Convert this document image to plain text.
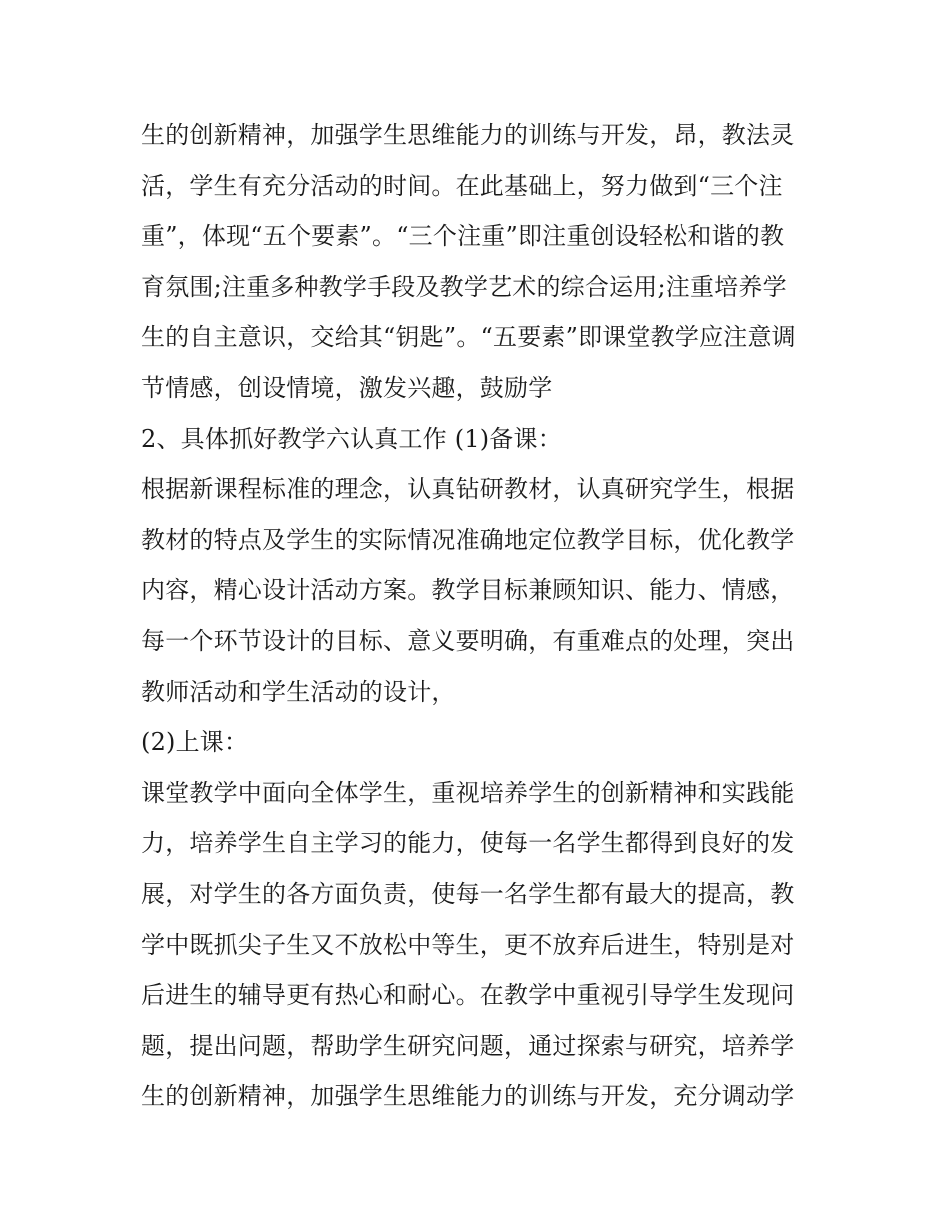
生的创新精神，加强学生思维能力的训练与开发，昂，教法灵
活，学生有充分活动的时间。在此基础上，努力做到“三个注
重”，体现“五个要素”。“三个注重”即注重创设轻松和谐的教
育氛围;注重多种教学手段及教学艺术的综合运用;注重培养学
生的自主意识，交给其“钥匙”。“五要素”即课堂教学应注意调
节情感，创设情境，激发兴趣，鼓励学
2、具体抓好教学六认真工作 (1)备课：
根据新课程标准的理念，认真钻研教材，认真研究学生，根据
教材的特点及学生的实际情况准确地定位教学目标，优化教学
内容，精心设计活动方案。教学目标兼顾知识、能力、情感，
每一个环节设计的目标、意义要明确，有重难点的处理，突出
教师活动和学生活动的设计，
(2)上课：
课堂教学中面向全体学生，重视培养学生的创新精神和实践能
力，培养学生自主学习的能力，使每一名学生都得到良好的发
展，对学生的各方面负责，使每一名学生都有最大的提高，教
学中既抓尖子生又不放松中等生，更不放弃后进生，特别是对
后进生的辅导更有热心和耐心。在教学中重视引导学生发现问
题，提出问题，帮助学生研究问题，通过探索与研究，培养学
生的创新精神，加强学生思维能力的训练与开发，充分调动学
